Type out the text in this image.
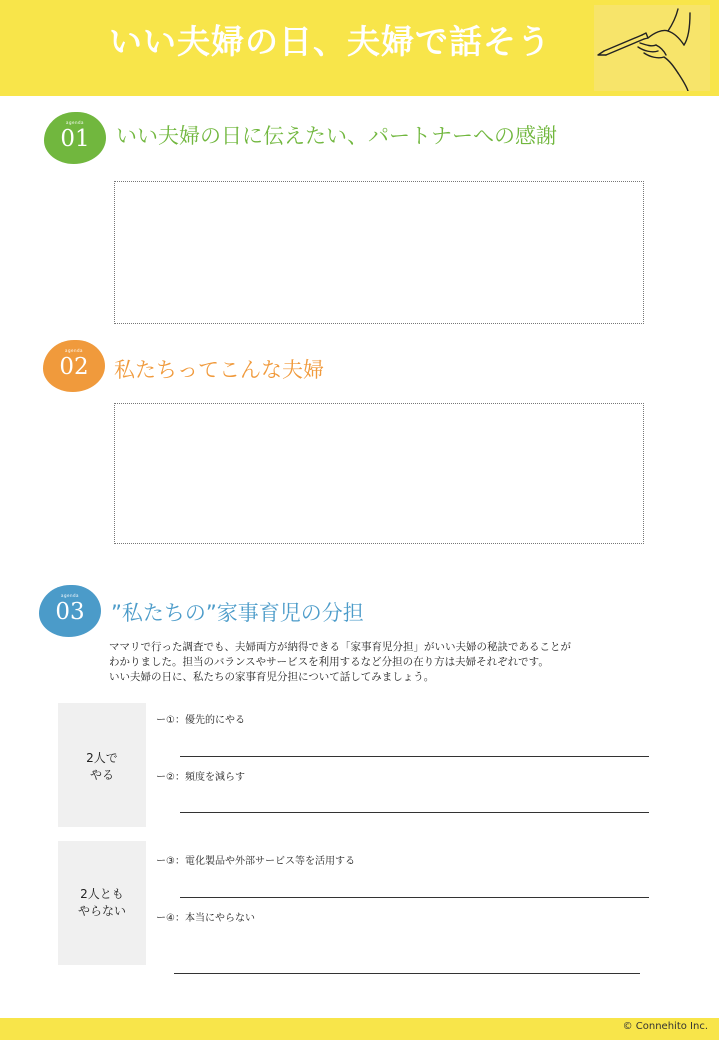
いい夫婦の日、夫婦で話そう
agenda
01	いい夫婦の日に伝えたい、パートナーへの感謝
agenda
02	私たちってこんな夫婦
agenda
03	”私たちの”家事育児の分担
ママリで行った調査でも、夫婦両方が納得できる「家事育児分担」がいい夫婦の秘訣であることが
わかりました。担当のバランスやサービスを利用するなど分担の在り方は夫婦それぞれです。
いい夫婦の日に、私たちの家事育児分担について話してみましょう。
2人で
やる
ー①：優先的にやる
ー②：頻度を減らす
2人とも
やらない
ー③：電化製品や外部サービス等を活用する
ー④：本当にやらない
© Connehito Inc.
